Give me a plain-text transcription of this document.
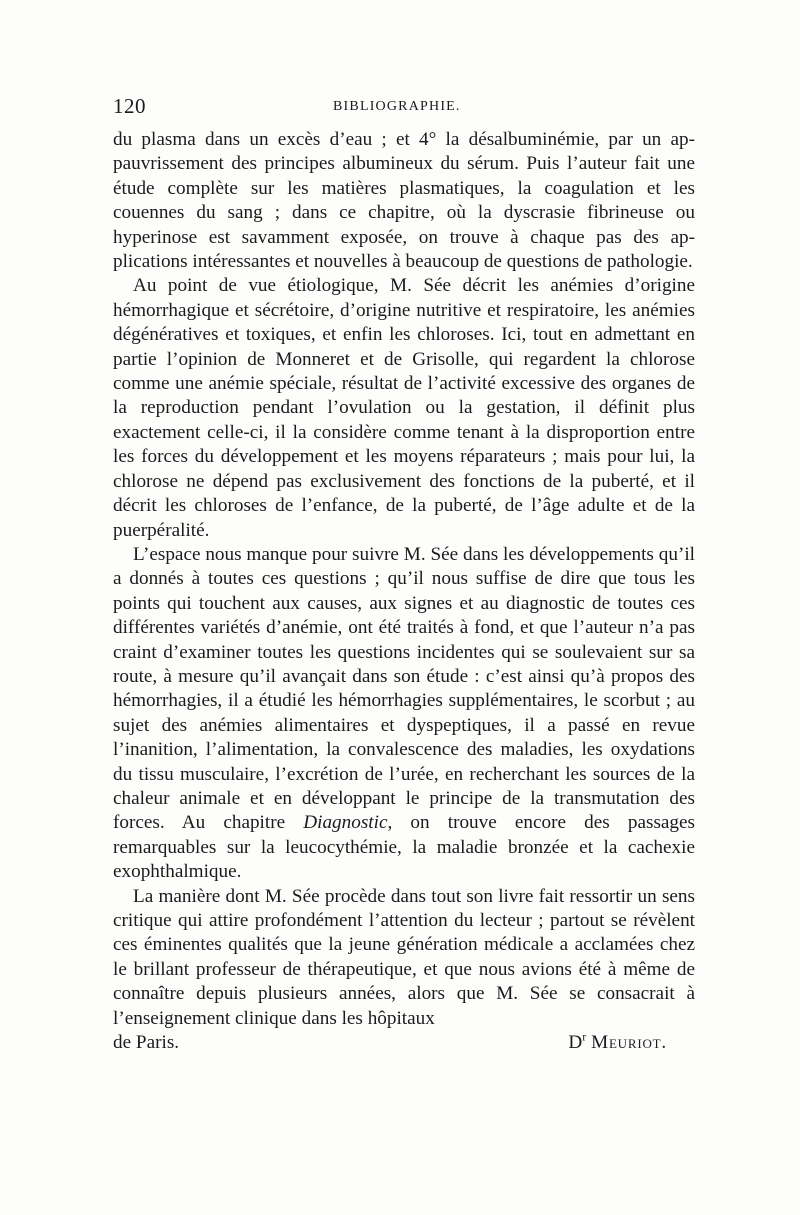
120	BIBLIOGRAPHIE.

du plasma dans un excès d’eau ; et 4° la désalbuminémie, par un appauvrissement des principes albumineux du sérum. Puis l’auteur fait une étude complète sur les matières plasmatiques, la coagulation et les couennes du sang ; dans ce chapitre, où la dyscrasie fibrineuse ou hyperinose est savamment exposée, on trouve à chaque pas des applications intéressantes et nouvelles à beaucoup de questions de pathologie.

Au point de vue étiologique, M. Sée décrit les anémies d’origine hémorrhagique et sécrétoire, d’origine nutritive et respiratoire, les anémies dégénératives et toxiques, et enfin les chloroses. Ici, tout en admettant en partie l’opinion de Monneret et de Grisolle, qui regardent la chlorose comme une anémie spéciale, résultat de l’activité excessive des organes de la reproduction pendant l’ovulation ou la gestation, il définit plus exactement celle-ci, il la considère comme tenant à la disproportion entre les forces du développement et les moyens réparateurs ; mais pour lui, la chlorose ne dépend pas exclusivement des fonctions de la puberté, et il décrit les chloroses de l’enfance, de la puberté, de l’âge adulte et de la puerpéralité.

L’espace nous manque pour suivre M. Sée dans les développements qu’il a donnés à toutes ces questions ; qu’il nous suffise de dire que tous les points qui touchent aux causes, aux signes et au diagnostic de toutes ces différentes variétés d’anémie, ont été traités à fond, et que l’auteur n’a pas craint d’examiner toutes les questions incidentes qui se soulevaient sur sa route, à mesure qu’il avançait dans son étude : c’est ainsi qu’à propos des hémorrhagies, il a étudié les hémorrhagies supplémentaires, le scorbut ; au sujet des anémies alimentaires et dyspeptiques, il a passé en revue l’inanition, l’alimentation, la convalescence des maladies, les oxydations du tissu musculaire, l’excrétion de l’urée, en recherchant les sources de la chaleur animale et en développant le principe de la transmutation des forces. Au chapitre Diagnostic, on trouve encore des passages remarquables sur la leucocythémie, la maladie bronzée et la cachexie exophthalmique.

La manière dont M. Sée procède dans tout son livre fait ressortir un sens critique qui attire profondément l’attention du lecteur ; partout se révèlent ces éminentes qualités que la jeune génération médicale a acclamées chez le brillant professeur de thérapeutique, et que nous avions été à même de connaître depuis plusieurs années, alors que M. Sée se consacrait à l’enseignement clinique dans les hôpitaux

de Paris.	$D^r$ Meuriot.
